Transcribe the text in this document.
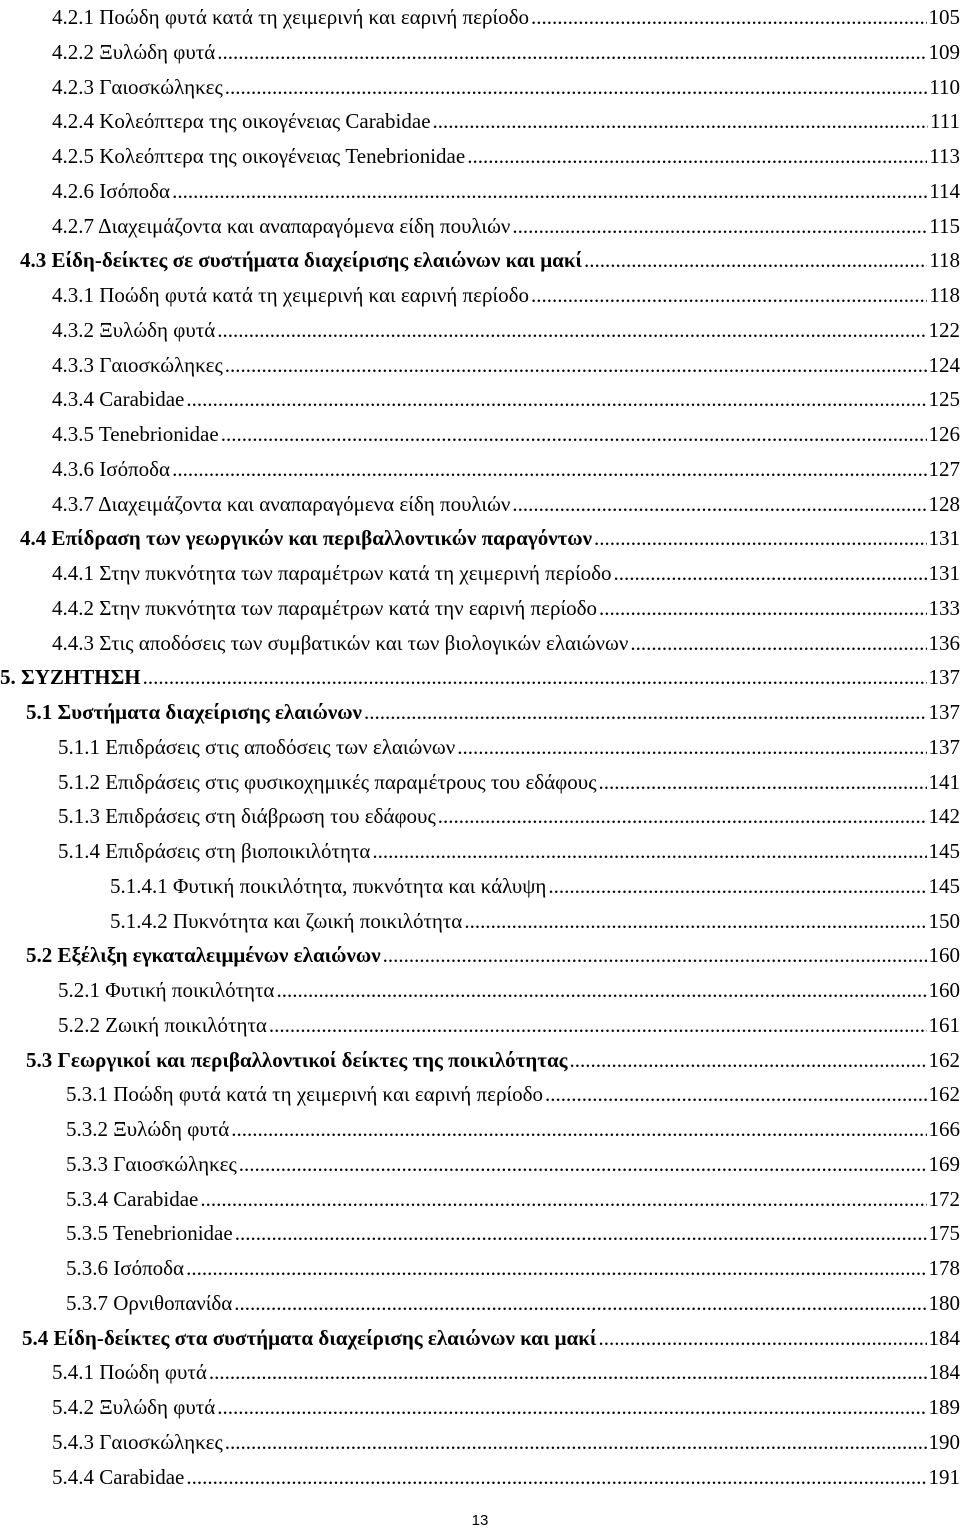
4.2.1 Ποώδη φυτά κατά τη χειμερινή και εαρινή περίοδο .....	105
4.2.2 Ξυλώδη φυτά .....	109
4.2.3 Γαιοσκώληκες .....	110
4.2.4 Κολεόπτερα της οικογένειας Carabidae .....	111
4.2.5 Κολεόπτερα της οικογένειας Tenebrionidae .....	113
4.2.6 Ισόποδα .....	114
4.2.7 Διαχειμάζοντα και αναπαραγόμενα είδη πουλιών .....	115
4.3 Είδη-δείκτες σε συστήματα διαχείρισης ελαιώνων και μακί .....	118
4.3.1 Ποώδη φυτά κατά τη χειμερινή και εαρινή περίοδο .....	118
4.3.2 Ξυλώδη φυτά .....	122
4.3.3 Γαιοσκώληκες .....	124
4.3.4 Carabidae .....	125
4.3.5 Tenebrionidae .....	126
4.3.6 Ισόποδα .....	127
4.3.7 Διαχειμάζοντα και αναπαραγόμενα είδη πουλιών .....	128
4.4 Επίδραση των γεωργικών και περιβαλλοντικών παραγόντων .....	131
4.4.1 Στην πυκνότητα των παραμέτρων κατά τη χειμερινή περίοδο .....	131
4.4.2 Στην πυκνότητα των παραμέτρων κατά την εαρινή περίοδο .....	133
4.4.3 Στις αποδόσεις των συμβατικών και των βιολογικών ελαιώνων .....	136
5. ΣΥΖΗΤΗΣΗ .....	137
5.1 Συστήματα διαχείρισης ελαιώνων .....	137
5.1.1 Επιδράσεις στις αποδόσεις των ελαιώνων .....	137
5.1.2 Επιδράσεις στις φυσικοχημικές παραμέτρους του εδάφους .....	141
5.1.3 Επιδράσεις στη διάβρωση του εδάφους .....	142
5.1.4 Επιδράσεις στη βιοποικιλότητα .....	145
5.1.4.1 Φυτική ποικιλότητα, πυκνότητα και κάλυψη .....	145
5.1.4.2 Πυκνότητα και ζωική ποικιλότητα .....	150
5.2 Εξέλιξη εγκαταλειμμένων ελαιώνων .....	160
5.2.1 Φυτική ποικιλότητα .....	160
5.2.2 Ζωική ποικιλότητα .....	161
5.3 Γεωργικοί και περιβαλλοντικοί δείκτες της ποικιλότητας .....	162
5.3.1 Ποώδη φυτά κατά τη χειμερινή και εαρινή περίοδο .....	162
5.3.2 Ξυλώδη φυτά .....	166
5.3.3 Γαιοσκώληκες .....	169
5.3.4 Carabidae .....	172
5.3.5 Tenebrionidae .....	175
5.3.6 Ισόποδα .....	178
5.3.7 Ορνιθοπανίδα .....	180
5.4 Είδη-δείκτες στα συστήματα διαχείρισης ελαιώνων και μακί .....	184
5.4.1 Ποώδη φυτά .....	184
5.4.2 Ξυλώδη φυτά .....	189
5.4.3 Γαιοσκώληκες .....	190
5.4.4 Carabidae .....	191
13
